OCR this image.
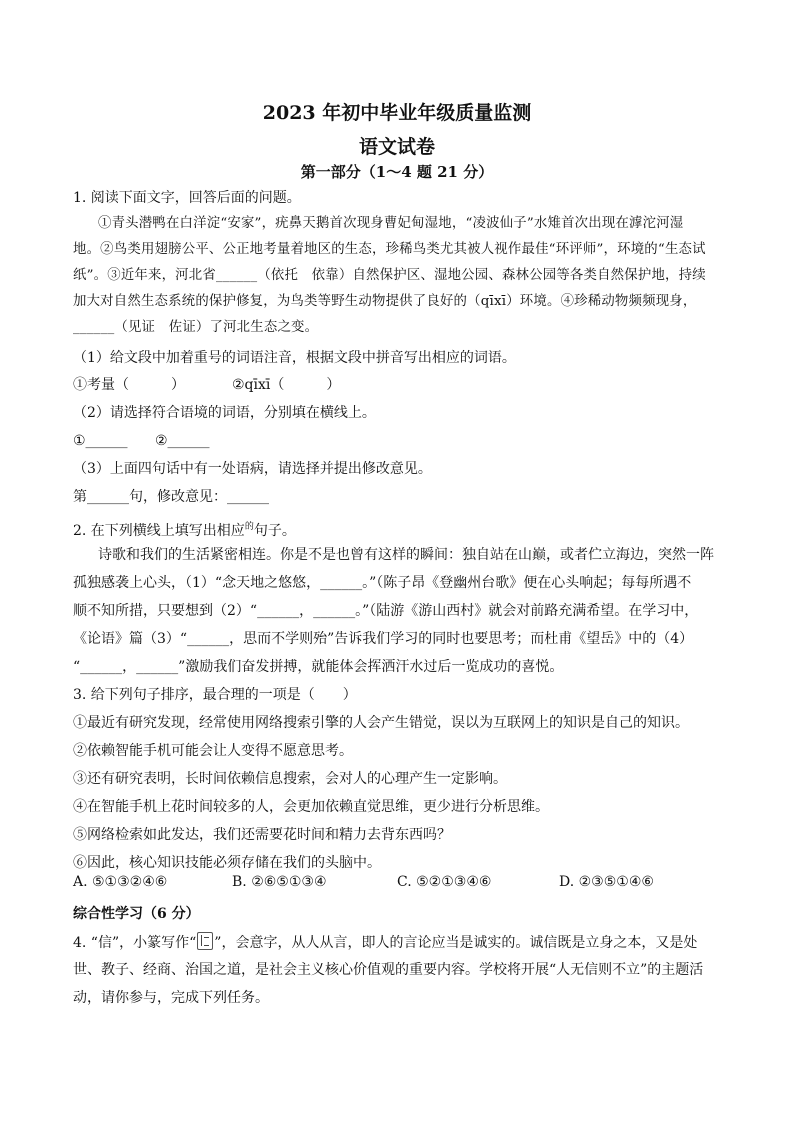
2023 年初中毕业年级质量监测
语文试卷
第一部分（1～4 题 21 分）
1. 阅读下面文字，回答后面的问题。
①青头潜鸭在白洋淀“安家”，疣鼻天鹅首次现身曹妃甸湿地，“凌波仙子”水雉首次出现在滹沱河湿
地。②鸟类用翅膀公平、公正地考量着地区的生态，珍稀鸟类尤其被人视作最佳“环评师”，环境的“生态试
纸”。③近年来，河北省______（依托　依靠）自然保护区、湿地公园、森林公园等各类自然保护地，持续
加大对自然生态系统的保护修复，为鸟类等野生动物提供了良好的（qīxī）环境。④珍稀动物频频现身，
______（见证　佐证）了河北生态之变。
（1）给文段中加着重号的词语注音，根据文段中拼音写出相应的词语。
①考量（　　　）	②qīxī（　　　）
（2）请选择符合语境的词语，分别填在横线上。
①______ ②______
（3）上面四句话中有一处语病，请选择并提出修改意见。
第______句，修改意见：______
2. 在下列横线上填写出相应$^的$句子。
诗歌和我们的生活紧密相连。你是不是也曾有这样的瞬间：独自站在山巅，或者伫立海边，突然一阵
孤独感袭上心头，（1）“念天地之悠悠，______。”（陈子昂《登幽州台歌》便在心头响起；每每所遇不
顺不知所措，只要想到（2）“______，______。”（陆游《游山西村》就会对前路充满希望。在学习中，
《论语》篇（3）“______，思而不学则殆”告诉我们学习的同时也要思考；而杜甫《望岳》中的（4）
“______，______”激励我们奋发拼搏，就能体会挥洒汗水过后一览成功的喜悦。
3. 给下列句子排序，最合理的一项是（　　）
①最近有研究发现，经常使用网络搜索引擎的人会产生错觉，误以为互联网上的知识是自己的知识。
②依赖智能手机可能会让人变得不愿意思考。
③还有研究表明，长时间依赖信息搜索，会对人的心理产生一定影响。
④在智能手机上花时间较多的人，会更加依赖直觉思维，更少进行分析思维。
⑤网络检索如此发达，我们还需要花时间和精力去背东西吗？
⑥因此，核心知识技能必须存储在我们的头脑中。
A. ⑤①③②④⑥	B. ②⑥⑤①③④	C. ⑤②①③④⑥	D. ②③⑤①④⑥
综合性学习（6 分）
4. “信”，小篆写作“ ”，会意字，从人从言，即人的言论应当是诚实的。诚信既是立身之本，又是处
世、教子、经商、治国之道，是社会主义核心价值观的重要内容。学校将开展“人无信则不立”的主题活
动，请你参与，完成下列任务。
